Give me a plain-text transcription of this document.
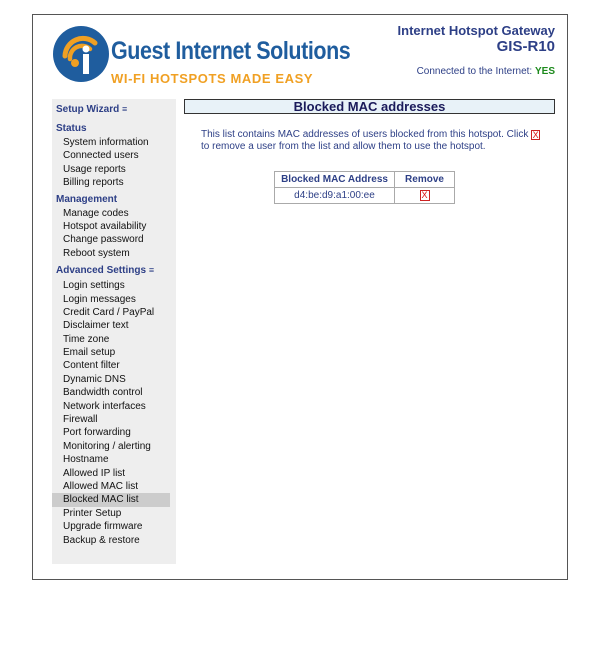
Guest Internet Solutions
WI-FI HOTSPOTS MADE EASY
Internet Hotspot Gateway
GIS-R10
Connected to the Internet: YES
Setup Wizard ≡
Status
System information
Connected users
Usage reports
Billing reports
Management
Manage codes
Hotspot availability
Change password
Reboot system
Advanced Settings ≡
Login settings
Login messages
Credit Card / PayPal
Disclaimer text
Time zone
Email setup
Content filter
Dynamic DNS
Bandwidth control
Network interfaces
Firewall
Port forwarding
Monitoring / alerting
Hostname
Allowed IP list
Allowed MAC list
Blocked MAC list
Printer Setup
Upgrade firmware
Backup & restore
Blocked MAC addresses
This list contains MAC addresses of users blocked from this hotspot. Click X to remove a user from the list and allow them to use the hotspot.
Blocked MAC Address	Remove
d4:be:d9:a1:00:ee	X
